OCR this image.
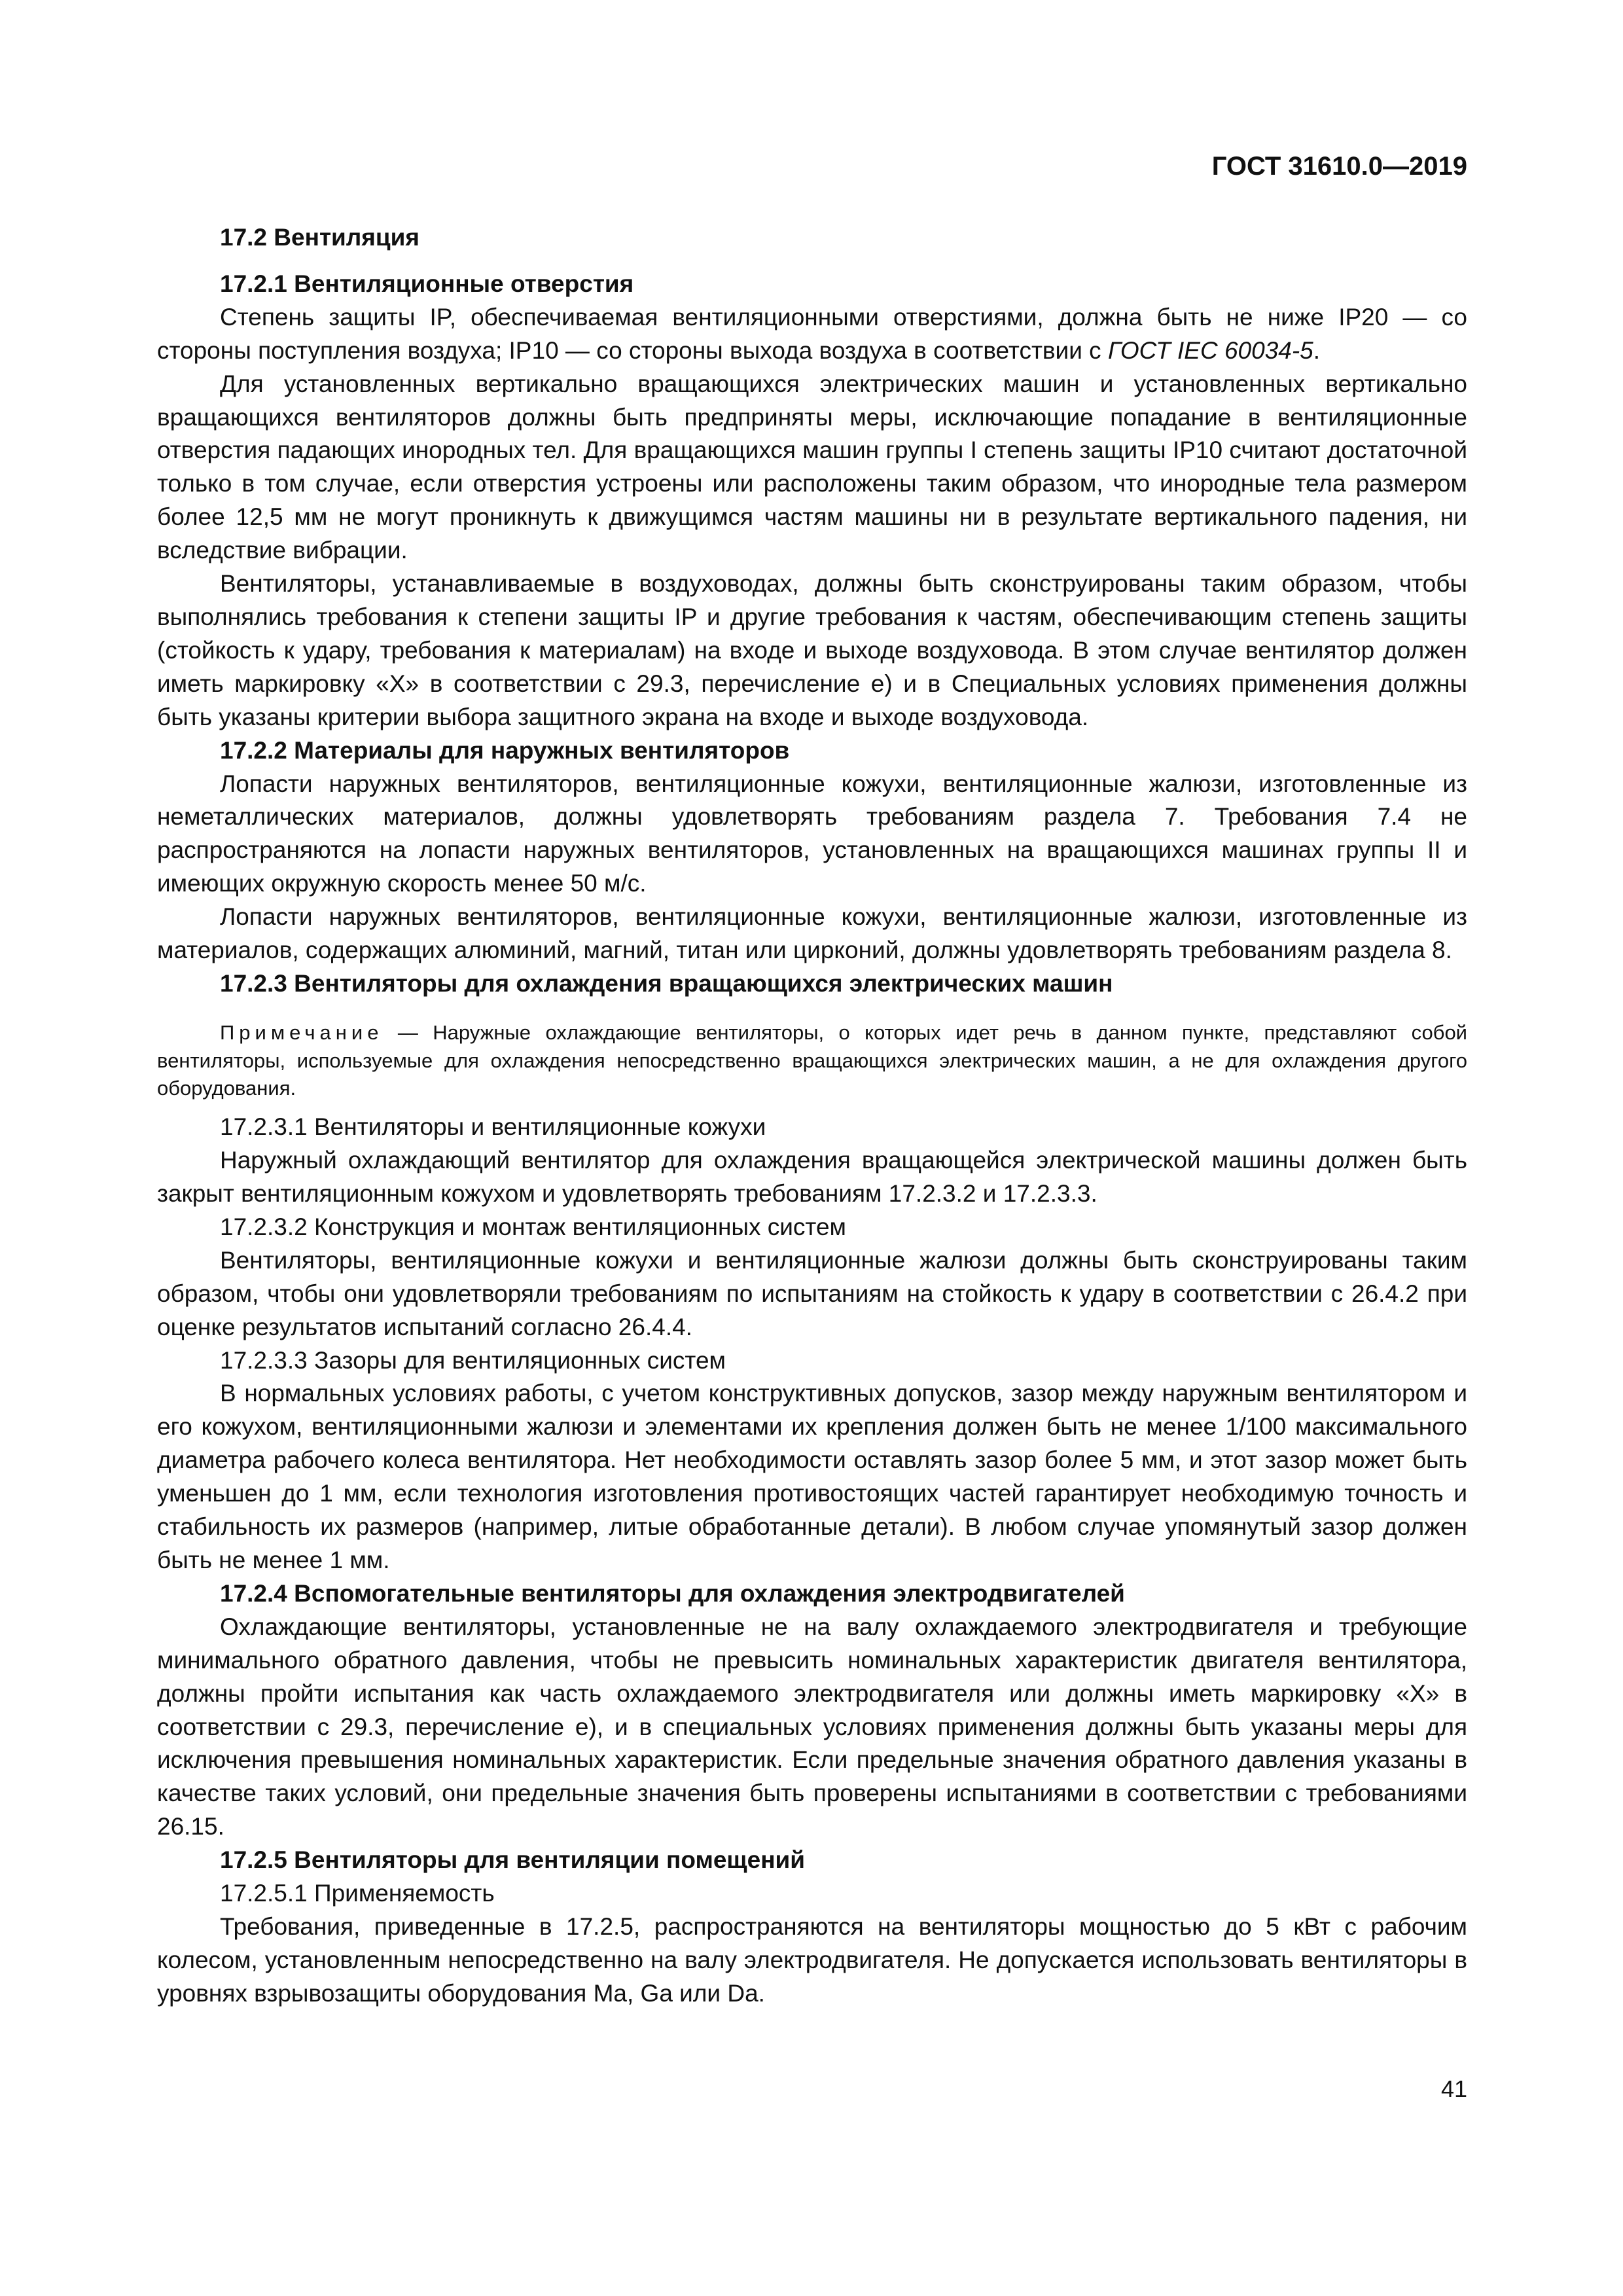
ГОСТ 31610.0—2019

17.2 Вентиляция

17.2.1 Вентиляционные отверстия

Степень защиты IP, обеспечиваемая вентиляционными отверстиями, должна быть не ниже IP20 — со стороны поступления воздуха; IP10 — со стороны выхода воздуха в соответствии с ГОСТ IEC 60034-5.

Для установленных вертикально вращающихся электрических машин и установленных вертикально вращающихся вентиляторов должны быть предприняты меры, исключающие попадание в вентиляционные отверстия падающих инородных тел. Для вращающихся машин группы I степень защиты IP10 считают достаточной только в том случае, если отверстия устроены или расположены таким образом, что инородные тела размером более 12,5 мм не могут проникнуть к движущимся частям машины ни в результате вертикального падения, ни вследствие вибрации.

Вентиляторы, устанавливаемые в воздуховодах, должны быть сконструированы таким образом, чтобы выполнялись требования к степени защиты IP и другие требования к частям, обеспечивающим степень защиты (стойкость к удару, требования к материалам) на входе и выходе воздуховода. В этом случае вентилятор должен иметь маркировку «X» в соответствии с 29.3, перечисление е) и в Специальных условиях применения должны быть указаны критерии выбора защитного экрана на входе и выходе воздуховода.

17.2.2 Материалы для наружных вентиляторов

Лопасти наружных вентиляторов, вентиляционные кожухи, вентиляционные жалюзи, изготовленные из неметаллических материалов, должны удовлетворять требованиям раздела 7. Требования 7.4 не распространяются на лопасти наружных вентиляторов, установленных на вращающихся машинах группы II и имеющих окружную скорость менее 50 м/с.

Лопасти наружных вентиляторов, вентиляционные кожухи, вентиляционные жалюзи, изготовленные из материалов, содержащих алюминий, магний, титан или цирконий, должны удовлетворять требованиям раздела 8.

17.2.3 Вентиляторы для охлаждения вращающихся электрических машин

Примечание — Наружные охлаждающие вентиляторы, о которых идет речь в данном пункте, представляют собой вентиляторы, используемые для охлаждения непосредственно вращающихся электрических машин, а не для охлаждения другого оборудования.

17.2.3.1 Вентиляторы и вентиляционные кожухи

Наружный охлаждающий вентилятор для охлаждения вращающейся электрической машины должен быть закрыт вентиляционным кожухом и удовлетворять требованиям 17.2.3.2 и 17.2.3.3.

17.2.3.2 Конструкция и монтаж вентиляционных систем

Вентиляторы, вентиляционные кожухи и вентиляционные жалюзи должны быть сконструированы таким образом, чтобы они удовлетворяли требованиям по испытаниям на стойкость к удару в соответствии с 26.4.2 при оценке результатов испытаний согласно 26.4.4.

17.2.3.3 Зазоры для вентиляционных систем

В нормальных условиях работы, с учетом конструктивных допусков, зазор между наружным вентилятором и его кожухом, вентиляционными жалюзи и элементами их крепления должен быть не менее 1/100 максимального диаметра рабочего колеса вентилятора. Нет необходимости оставлять зазор более 5 мм, и этот зазор может быть уменьшен до 1 мм, если технология изготовления противостоящих частей гарантирует необходимую точность и стабильность их размеров (например, литые обработанные детали). В любом случае упомянутый зазор должен быть не менее 1 мм.

17.2.4 Вспомогательные вентиляторы для охлаждения электродвигателей

Охлаждающие вентиляторы, установленные не на валу охлаждаемого электродвигателя и требующие минимального обратного давления, чтобы не превысить номинальных характеристик двигателя вентилятора, должны пройти испытания как часть охлаждаемого электродвигателя или должны иметь маркировку «X» в соответствии с 29.3, перечисление е), и в специальных условиях применения должны быть указаны меры для исключения превышения номинальных характеристик. Если предельные значения обратного давления указаны в качестве таких условий, они предельные значения быть проверены испытаниями в соответствии с требованиями 26.15.

17.2.5 Вентиляторы для вентиляции помещений

17.2.5.1 Применяемость

Требования, приведенные в 17.2.5, распространяются на вентиляторы мощностью до 5 кВт с рабочим колесом, установленным непосредственно на валу электродвигателя. Не допускается использовать вентиляторы в уровнях взрывозащиты оборудования Ma, Ga или Da.

41
